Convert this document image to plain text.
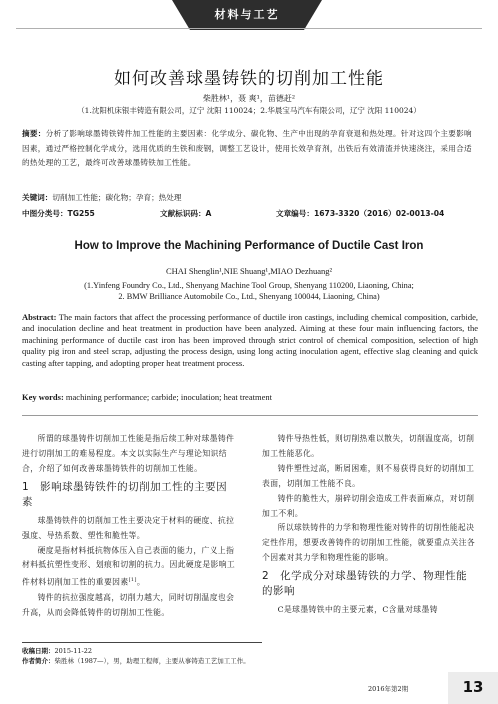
材料与工艺
如何改善球墨铸铁的切削加工性能
柴胜林¹，聂 爽¹，苗德赶²
（1.沈阳机床银丰铸造有限公司，辽宁 沈阳 110024；2.华晨宝马汽车有限公司，辽宁 沈阳 110024）
摘要：分析了影响球墨铸铁铸件加工性能的主要因素：化学成分、碳化物、生产中出现的孕育衰退和热处理。针对这四个主要影响因素，通过严格控制化学成分，选用优质的生铁和废钢，调整工艺设计，使用长效孕育剂，出铁后有效清渣并快速浇注，采用合适的热处理的工艺，最终可改善球墨铸铁加工性能。
关键词：切削加工性能；碳化物；孕育；热处理
中图分类号：TG255	文献标识码：A	文章编号：1673-3320（2016）02-0013-04
How to Improve the Machining Performance of Ductile Cast Iron
CHAI Shenglin¹,NIE Shuang¹,MIAO Dezhuang²
(1.Yinfeng Foundry Co., Ltd., Shenyang Machine Tool Group, Shenyang 110200, Liaoning, China;
2. BMW Brilliance Automobile Co., Ltd., Shenyang 100044, Liaoning, China)
Abstract: The main factors that affect the processing performance of ductile iron castings, including chemical composition, carbide, and inoculation decline and heat treatment in production have been analyzed. Aiming at these four main influencing factors, the machining performance of ductile cast iron has been improved through strict control of chemical composition, selection of high quality pig iron and steel scrap, adjusting the process design, using long acting inoculation agent, effective slag cleaning and quick casting after tapping, and adopting proper heat treatment process.
Key words: machining performance; carbide; inoculation; heat treatment

所谓的球墨铸件切削加工性能是指后续工种对球墨铸件进行切削加工的难易程度。本文以实际生产与理论知识结合，介绍了如何改善球墨铸铁件的切削加工性能。

1　影响球墨铸铁件的切削加工性的主要因素

球墨铸铁件的切削加工性主要决定于材料的硬度、抗拉强度、导热系数、塑性和脆性等。

硬度是指材料抵抗物体压入自己表面的能力，广义上指材料抵抗塑性变形、划痕和切割的抗力。因此硬度是影响工件材料切削加工性的重要因素[1]。

铸件的抗拉强度越高，切削力越大，同时切削温度也会升高，从而会降低铸件的切削加工性能。

铸件导热性低，则切削热难以散失，切削温度高，切削加工性能恶化。

铸件塑性过高，断屑困难，则不易获得良好的切削加工表面，切削加工性能不良。

铸件的脆性大，崩碎切削会造成工件表面麻点，对切削加工不利。

所以球铁铸件的力学和物理性能对铸件的切削性能起决定性作用，想要改善铸件的切削加工性能，就要重点关注各个因素对其力学和物理性能的影响。

2　化学成分对球墨铸铁的力学、物理性能的影响

C是球墨铸铁中的主要元素，C含量对球墨铸

收稿日期：2015-11-22
作者简介：柴胜林（1987—），男，助理工程师，主要从事铸造工艺加工工作。
2016年第2期	13
